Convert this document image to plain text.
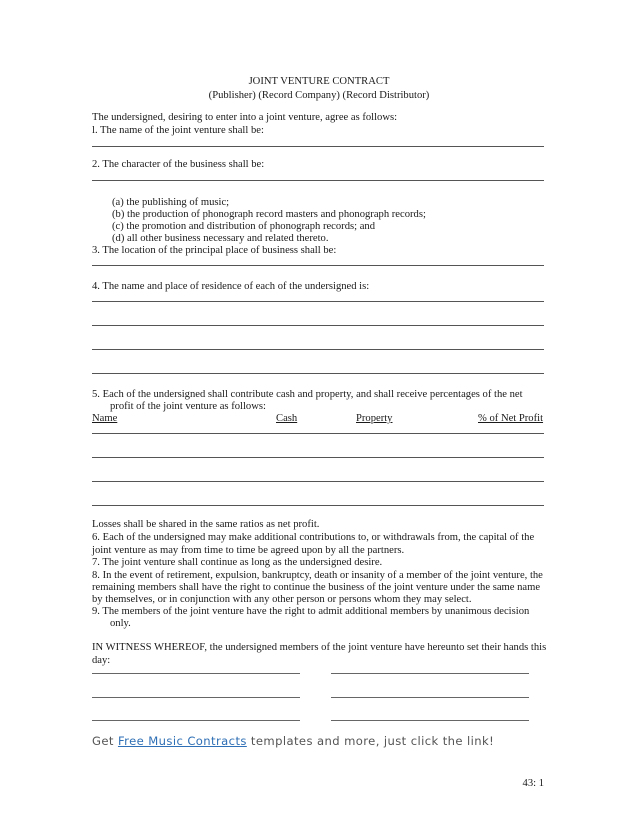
JOINT VENTURE CONTRACT
(Publisher) (Record Company) (Record Distributor)
The undersigned, desiring to enter into a joint venture, agree as follows:
l. The name of the joint venture shall be:
2. The character of the business shall be:
(a) the publishing of music;
(b) the production of phonograph record masters and phonograph records;
(c) the promotion and distribution of phonograph records; and
(d) all other business necessary and related thereto.
3. The location of the principal place of business shall be:
4. The name and place of residence of each of the undersigned is:
5. Each of the undersigned shall contribute cash and property, and shall receive percentages of the net
profit of the joint venture as follows:
Name	Cash	Property	% of Net Profit
Losses shall be shared in the same ratios as net profit.
6. Each of the undersigned may make additional contributions to, or withdrawals from, the capital of the
joint venture as may from time to time be agreed upon by all the partners.
7. The joint venture shall continue as long as the undersigned desire.
8. In the event of retirement, expulsion, bankruptcy, death or insanity of a member of the joint venture, the
remaining members shall have the right to continue the business of the joint venture under the same name
by themselves, or in conjunction with any other person or persons whom they may select.
9. The members of the joint venture have the right to admit additional members by unanimous decision
only.
IN WITNESS WHEREOF, the undersigned members of the joint venture have hereunto set their hands this
day:
Get Free Music Contracts templates and more, just click the link!
43: 1
